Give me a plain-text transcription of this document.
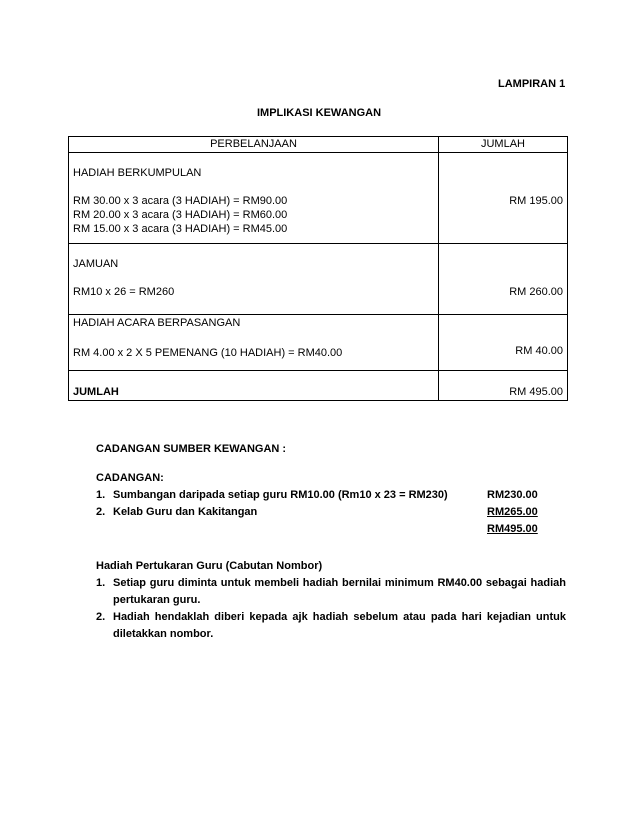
LAMPIRAN 1
IMPLIKASI KEWANGAN
PERBELANJAAN	JUMLAH

HADIAH BERKUMPULAN
RM 30.00 x 3 acara (3 HADIAH) = RM90.00
RM 20.00 x 3 acara (3 HADIAH) = RM60.00
RM 15.00 x 3 acara (3 HADIAH) = RM45.00	RM 195.00

JAMUAN
RM10 x 26 = RM260	RM 260.00

HADIAH ACARA BERPASANGAN
RM 4.00 x 2 X 5 PEMENANG (10 HADIAH) = RM40.00	RM 40.00

JUMLAH	RM 495.00
CADANGAN SUMBER KEWANGAN :
CADANGAN:
1. Sumbangan daripada setiap guru RM10.00 (Rm10 x 23 = RM230)	RM230.00
2. Kelab Guru dan Kakitangan	RM265.00
RM495.00
Hadiah Pertukaran Guru (Cabutan Nombor)
1. Setiap guru diminta untuk membeli hadiah bernilai minimum RM40.00 sebagai hadiah pertukaran guru.
2. Hadiah hendaklah diberi kepada ajk hadiah sebelum atau pada hari kejadian untuk diletakkan nombor.
